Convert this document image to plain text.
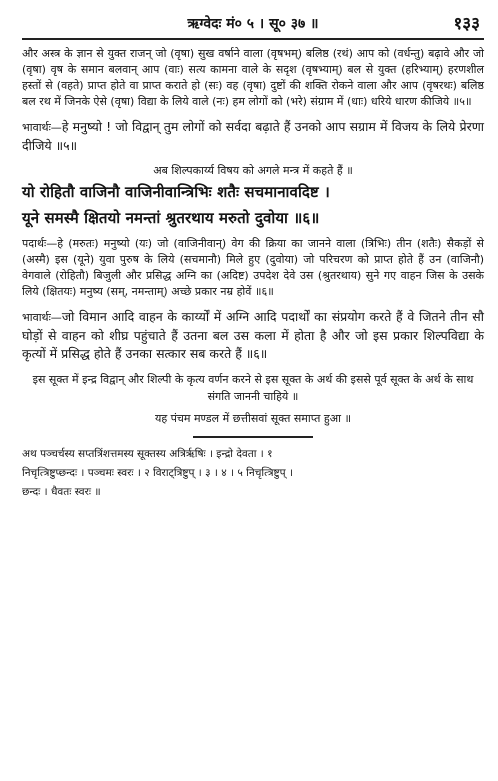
ऋग्वेदः मं० ५ । सू० ३७ ॥	१३३

और अस्त्र के ज्ञान से युक्त राजन् जो (वृषा) सुख वर्षाने वाला (वृषभम्) बलिष्ठ (रथं) आप को (वर्धन्तु) बढ़ावे और जो (वृषा) वृष के समान बलवान् आप (वाः) सत्य कामना वाले के सदृश (वृषभ्याम्) बल से युक्त (हरिभ्याम्) हरणशील हस्तों से (वहते) प्राप्त होते वा प्राप्त कराते हो (सः) वह (वृषा) दुष्टों की शक्ति रोकने वाला और आप (वृषरथः) बलिष्ठ बल रथ में जिनके ऐसे (वृषा) विद्या के लिये वाले (नः) हम लोगों को (भरे) संग्राम में (धाः) धरिये धारण कीजिये ॥५॥

भावार्थः—हे मनुष्यो ! जो विद्वान् तुम लोगों को सर्वदा बढ़ाते हैं उनको आप सग्राम में विजय के लिये प्रेरणा दीजिये ॥५॥

अब शिल्पकार्य्य विषय को अगले मन्त्र में कहते हैं ॥

यो रोहितौ वाजिनौ वाजिनीवान्त्रिभिः शतैः सचमानावदिष्ट ।

यूने समस्मै क्षितयो नमन्तां श्रुतरथाय मरुतो दुवोया ॥६॥

पदार्थः—हे (मरुतः) मनुष्यो (यः) जो (वाजिनीवान्) वेग की क्रिया का जानने वाला (त्रिभिः) तीन (शतैः) सैकड़ों से (अस्मै) इस (यूने) युवा पुरुष के लिये (सचमानौ) मिले हुए (दुवोया) जो परिचरण को प्राप्त होते हैं उन (वाजिनौ) वेगवाले (रोहितौ) बिजुली और प्रसिद्ध अग्नि का (अदिष्ट) उपदेश देवे उस (श्रुतरथाय) सुने गए वाहन जिस के उसके लिये (क्षितयः) मनुष्य (सम्, नमन्ताम्) अच्छे प्रकार नम्र होवें ॥६॥

भावार्थः—जो विमान आदि वाहन के कार्य्यों में अग्नि आदि पदार्थों का संप्रयोग करते हैं वे जितने तीन सौ घोड़ों से वाहन को शीघ्र पहुंचाते हैं उतना बल उस कला में होता है और जो इस प्रकार शिल्पविद्या के कृत्यों में प्रसिद्ध होते हैं उनका सत्कार सब करते हैं ॥६॥

इस सूक्त में इन्द्र विद्वान् और शिल्पी के कृत्य वर्णन करने से इस सूक्त के अर्थ की इससे पूर्व सूक्त के अर्थ के साथ संगति जाननी चाहिये ॥

यह पंचम मण्डल में छत्तीसवां सूक्त समाप्त हुआ ॥

अथ पञ्चर्चस्य सप्तत्रिंशत्तमस्य सूक्तस्य अत्रिर्ऋषिः । इन्द्रो देवता । १

निचृत्त्रिष्टुप्छन्दः । पञ्चमः स्वरः । २ विराट्त्रिष्टुप् । ३ । ४ । ५ निचृत्त्रिष्टुप् ।

छन्दः । धैवतः स्वरः ॥
